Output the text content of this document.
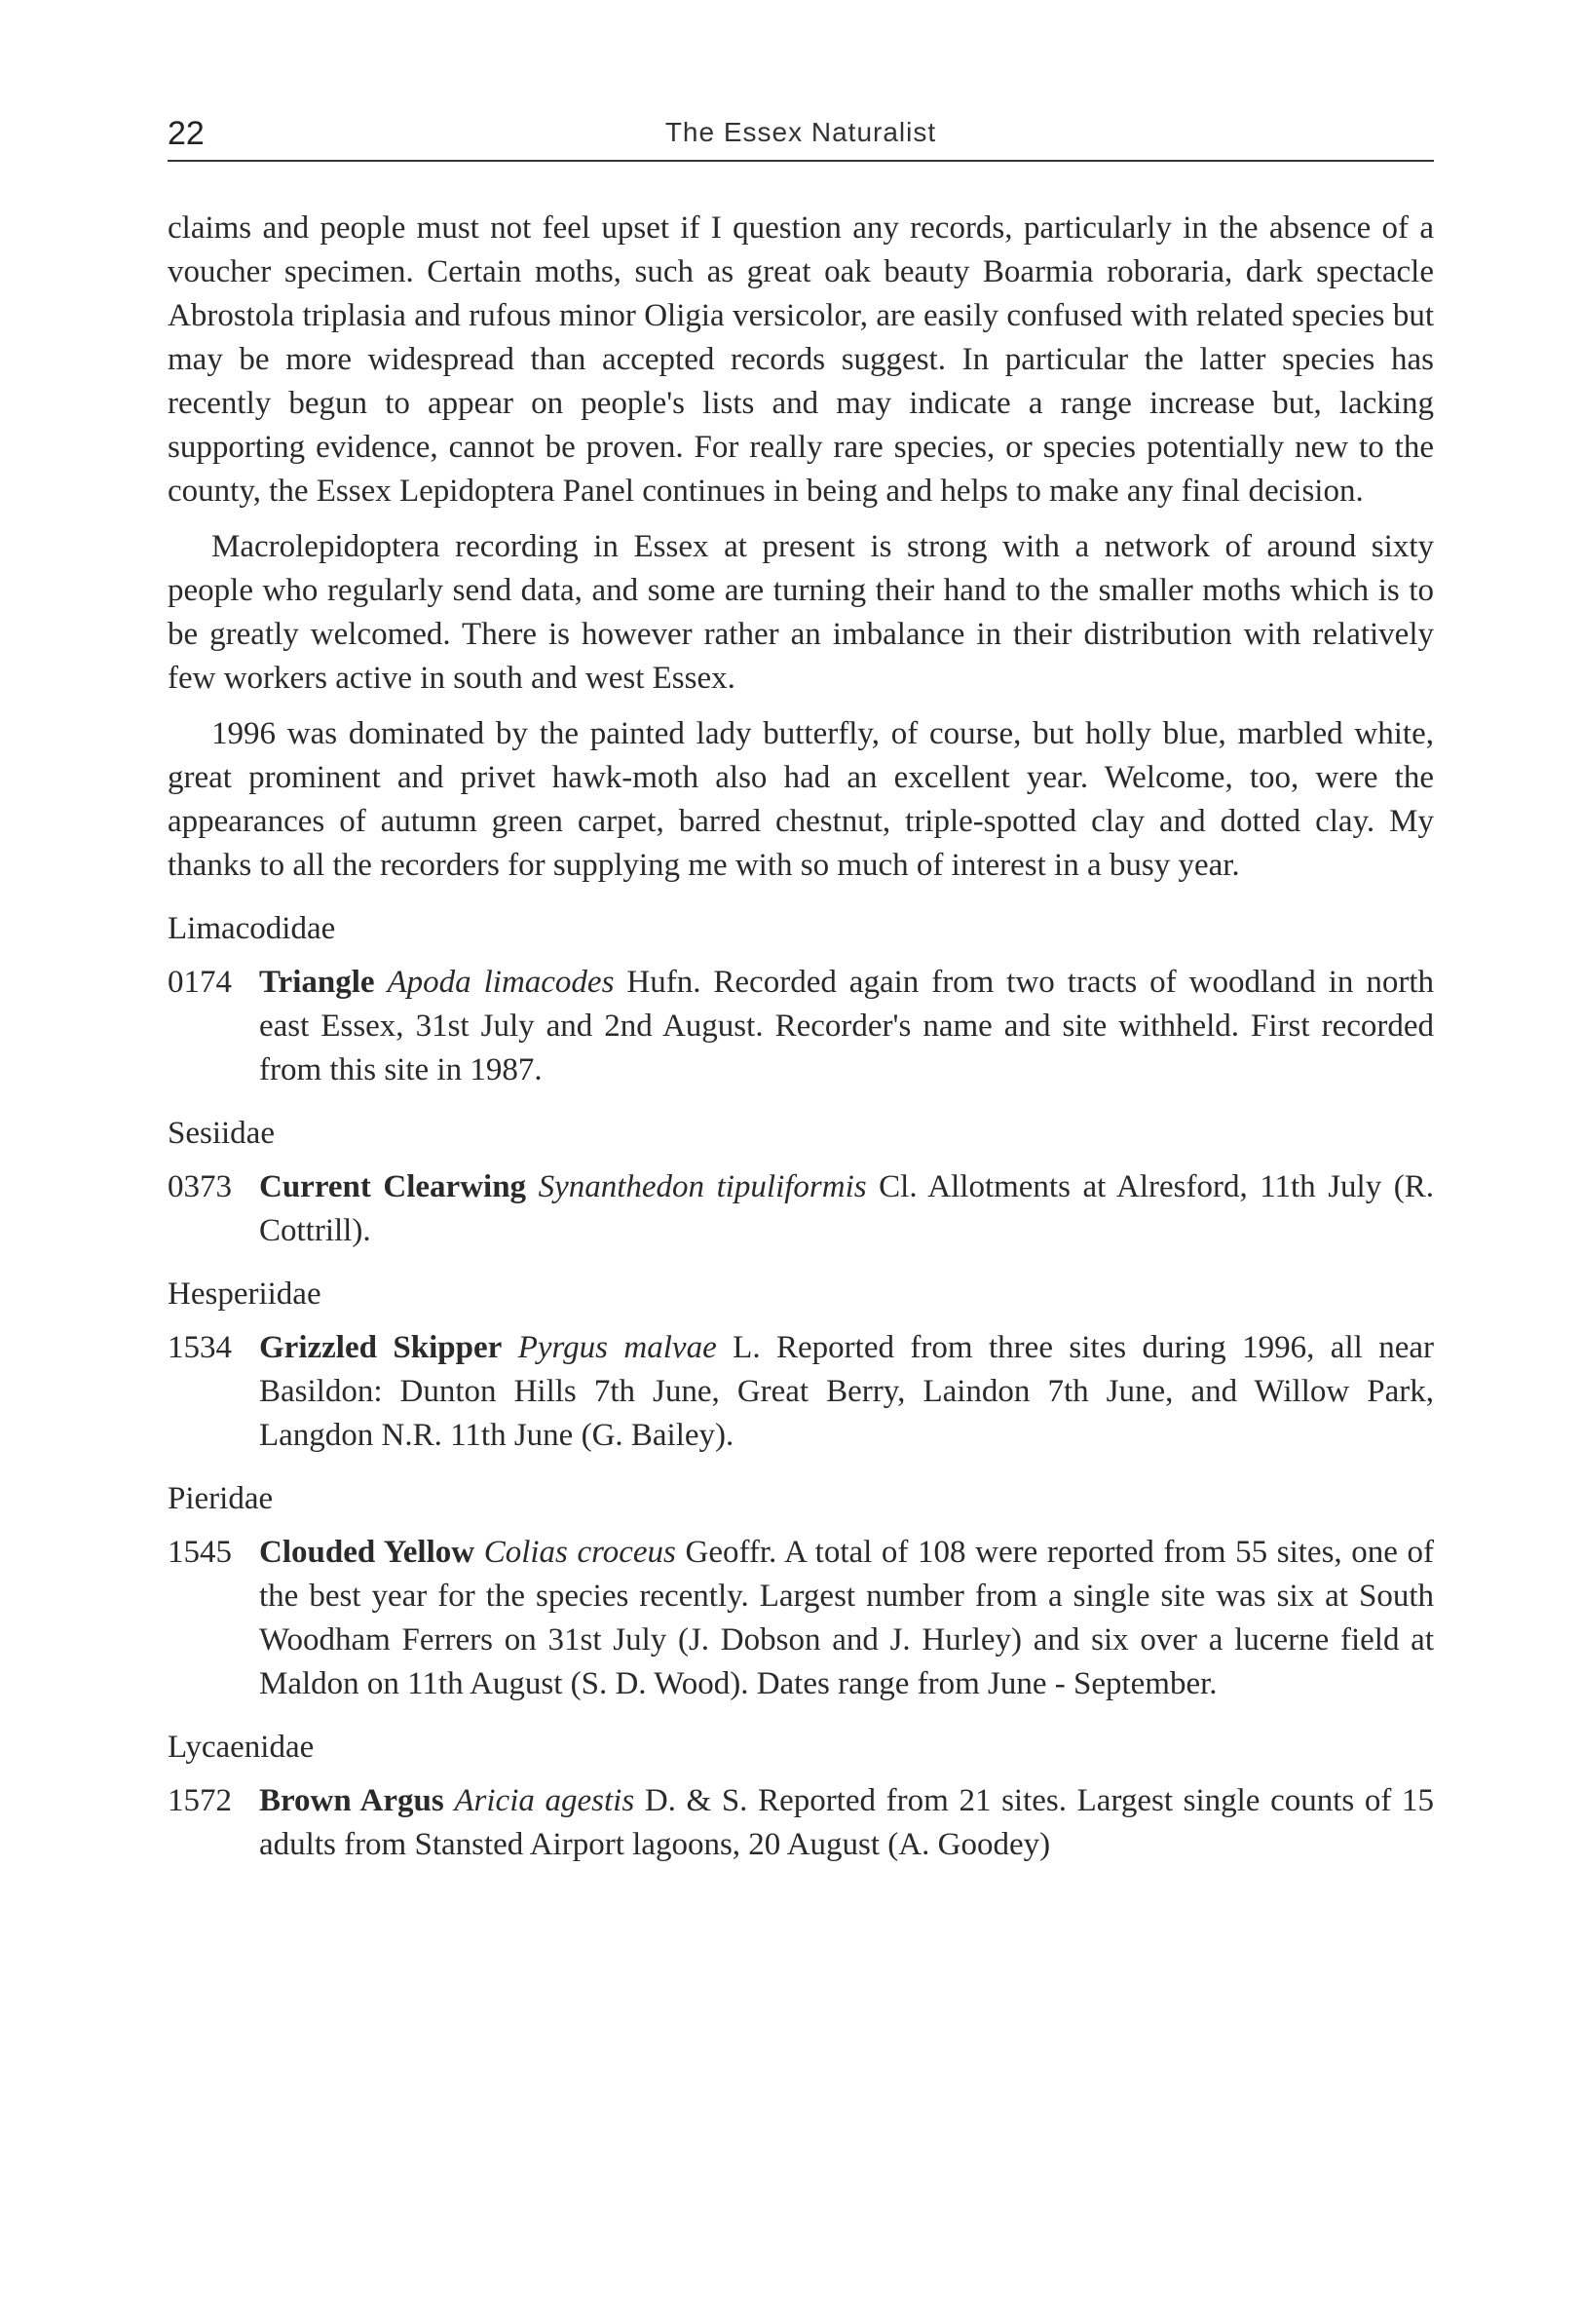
22	The Essex Naturalist

claims and people must not feel upset if I question any records, particularly in the absence of a voucher specimen. Certain moths, such as great oak beauty Boarmia roboraria, dark spectacle Abrostola triplasia and rufous minor Oligia versicolor, are easily confused with related species but may be more widespread than accepted records suggest. In particular the latter species has recently begun to appear on people's lists and may indicate a range increase but, lacking supporting evidence, cannot be proven. For really rare species, or species potentially new to the county, the Essex Lepidoptera Panel continues in being and helps to make any final decision.

Macrolepidoptera recording in Essex at present is strong with a network of around sixty people who regularly send data, and some are turning their hand to the smaller moths which is to be greatly welcomed. There is however rather an imbalance in their distribution with relatively few workers active in south and west Essex.

1996 was dominated by the painted lady butterfly, of course, but holly blue, marbled white, great prominent and privet hawk-moth also had an excellent year. Welcome, too, were the appearances of autumn green carpet, barred chestnut, triple-spotted clay and dotted clay. My thanks to all the recorders for supplying me with so much of interest in a busy year.

Limacodidae

0174 Triangle Apoda limacodes Hufn. Recorded again from two tracts of woodland in north east Essex, 31st July and 2nd August. Recorder's name and site withheld. First recorded from this site in 1987.

Sesiidae

0373 Current Clearwing Synanthedon tipuliformis Cl. Allotments at Alresford, 11th July (R. Cottrill).

Hesperiidae

1534 Grizzled Skipper Pyrgus malvae L. Reported from three sites during 1996, all near Basildon: Dunton Hills 7th June, Great Berry, Laindon 7th June, and Willow Park, Langdon N.R. 11th June (G. Bailey).

Pieridae

1545 Clouded Yellow Colias croceus Geoffr. A total of 108 were reported from 55 sites, one of the best year for the species recently. Largest number from a single site was six at South Woodham Ferrers on 31st July (J. Dobson and J. Hurley) and six over a lucerne field at Maldon on 11th August (S. D. Wood). Dates range from June - September.

Lycaenidae

1572 Brown Argus Aricia agestis D. & S. Reported from 21 sites. Largest single counts of 15 adults from Stansted Airport lagoons, 20 August (A. Goodey)
